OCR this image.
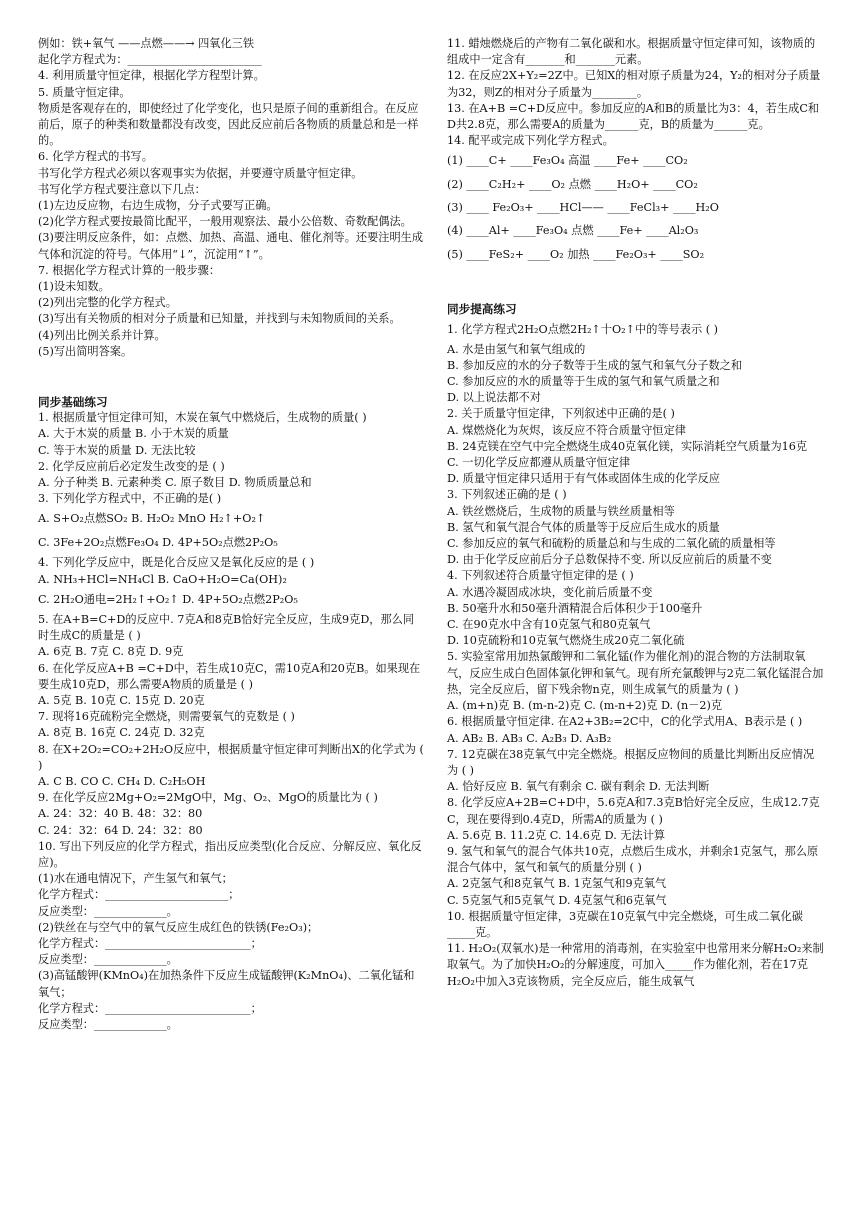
例如：铁+氧气 ——点燃——→ 四氧化三铁
起化学方程式为：________________________
4. 利用质量守恒定律，根据化学方程型计算。
5. 质量守恒定律。
物质是客观存在的，即使经过了化学变化，也只是原子间的重新组合。在反应前后，原子的种类和数量都没有改变，因此反应前后各物质的质量总和是一样的。
6. 化学方程式的书写。
书写化学方程式必须以客观事实为依据，并要遵守质量守恒定律。
书写化学方程式要注意以下几点：
(1)左边反应物，右边生成物，分子式要写正确。
(2)化学方程式要按最简比配平，一般用观察法、最小公倍数、奇数配偶法。
(3)要注明反应条件，如：点燃、加热、高温、通电、催化剂等。还要注明生成气体和沉淀的符号。气体用“↓”，沉淀用“↑”。
7. 根据化学方程式计算的一般步骤：
(1)设未知数。
(2)列出完整的化学方程式。
(3)写出有关物质的相对分子质量和已知量，并找到与未知物质间的关系。
(4)列出比例关系并计算。
(5)写出简明答案。
同步基础练习
1. 根据质量守恒定律可知，木炭在氧气中燃烧后，生成物的质量( )
A. 大于木炭的质量 B. 小于木炭的质量
C. 等于木炭的质量 D. 无法比较
2. 化学反应前后必定发生改变的是 ( )
A. 分子种类 B. 元素种类 C. 原子数目 D. 物质质量总和
3. 下列化学方程式中，不正确的是( )
A. S+O₂点燃SO₂ B. H₂O₂ MnO H₂↑+O₂↑
C. 3Fe+2O₂点燃Fe₃O₄ D. 4P+5O₂点燃2P₂O₅
4. 下列化学反应中，既是化合反应又是氧化反应的是 ( )
A. NH₃+HCl=NH₄Cl B. CaO+H₂O=Ca(OH)₂
C. 2H₂O通电=2H₂↑+O₂↑ D. 4P+5O₂点燃2P₂O₅
5. 在A+B=C+D的反应中. 7克A和8克B恰好完全反应，生成9克D，那么同时生成C的质量是 ( )
A. 6克 B. 7克 C. 8克 D. 9克
6. 在化学反应A+B =C+D中，若生成10克C，需10克A和20克B。如果现在要生成10克D，那么需要A物质的质量是 ( )
A. 5克 B. 10克 C. 15克 D. 20克
7. 现将16克硫粉完全燃烧，则需要氧气的克数是 ( )
A. 8克 B. 16克 C. 24克 D. 32克
8. 在X+2O₂=CO₂+2H₂O反应中，根据质量守恒定律可判断出X的化学式为 ( )
A. C B. CO C. CH₄ D. C₂H₅OH
9. 在化学反应2Mg+O₂=2MgO中，Mg、O₂、MgO的质量比为 ( )
A. 24：32：40 B. 48：32：80
C. 24：32：64 D. 24：32：80
10. 写出下列反应的化学方程式，指出反应类型(化合反应、分解反应、氧化反应)。
(1)水在通电情况下，产生氢气和氧气；
化学方程式：______________________；
反应类型：_____________。
(2)铁丝在与空气中的氧气反应生成红色的铁锈(Fe₂O₃)；
化学方程式：__________________________；
反应类型：_____________。
(3)高锰酸钾(KMnO₄)在加热条件下反应生成锰酸钾(K₂MnO₄)、二氧化锰和氧气；
化学方程式：__________________________；
反应类型：_____________。
11. 蜡烛燃烧后的产物有二氧化碳和水。根据质量守恒定律可知，该物质的组成中一定含有_______和_______元素。
12. 在反应2X+Y₂=2Z中。已知X的相对原子质量为24，Y₂的相对分子质量为32，则Z的相对分子质量为________。
13. 在A+B =C+D反应中。参加反应的A和B的质量比为3：4，若生成C和D共2.8克，那么需要A的质量为______克，B的质量为______克。
14. 配平或完成下列化学方程式。
(1) ____C+ ____Fe₃O₄ 高温 ____Fe+ ____CO₂
(2) ____C₂H₂+ ____O₂ 点燃 ____H₂O+ ____CO₂
(3) ____ Fe₂O₃+ ____HCl—— ____FeCl₃+ ____H₂O
(4) ____Al+ ____Fe₃O₄ 点燃 ____Fe+ ____Al₂O₃
(5) ____FeS₂+ ____O₂ 加热 ____Fe₂O₃+ ____SO₂
同步提高练习
1. 化学方程式2H₂O点燃2H₂↑十O₂↑中的等号表示 ( )
A. 水是由氢气和氧气组成的
B. 参加反应的水的分子数等于生成的氢气和氧气分子数之和
C. 参加反应的水的质量等于生成的氢气和氧气质量之和
D. 以上说法都不对
2. 关于质量守恒定律，下列叙述中正确的是( )
A. 煤燃烧化为灰烬，该反应不符合质量守恒定律
B. 24克镁在空气中完全燃烧生成40克氧化镁，实际消耗空气质量为16克
C. 一切化学反应都遵从质量守恒定律
D. 质量守恒定律只适用于有气体或固体生成的化学反应
3. 下列叙述正确的是 ( )
A. 铁丝燃烧后，生成物的质量与铁丝质量相等
B. 氢气和氧气混合气体的质量等于反应后生成水的质量
C. 参加反应的氧气和硫粉的质量总和与生成的二氧化硫的质量相等
D. 由于化学反应前后分子总数保持不变. 所以反应前后的质量不变
4. 下列叙述符合质量守恒定律的是 ( )
A. 水遇冷凝固成冰块，变化前后质量不变
B. 50毫升水和50毫升酒精混合后体积少于100毫升
C. 在90克水中含有10克氢气和80克氧气
D. 10克硫粉和10克氧气燃烧生成20克二氧化硫
5. 实验室常用加热氯酸钾和二氧化锰(作为催化剂)的混合物的方法制取氧气，反应生成白色固体氯化钾和氧气。现有所充氯酸钾与2克二氧化锰混合加热，完全反应后，留下残余物n克，则生成氧气的质量为 ( )
A. (m+n)克 B. (m-n-2)克 C. (m-n+2)克 D. (n－2)克
6. 根据质量守恒定律. 在A2+3B₂=2C中，C的化学式用A、B表示是 ( )
A. AB₂ B. AB₃ C. A₂B₃ D. A₃B₂
7. 12克碳在38克氧气中完全燃烧。根据反应物间的质量比判断出反应情况为 ( )
A. 恰好反应 B. 氧气有剩余 C. 碳有剩余 D. 无法判断
8. 化学反应A+2B=C+D中，5.6克A和7.3克B恰好完全反应，生成12.7克C，现在要得到0.4克D，所需A的质量为 ( )
A. 5.6克 B. 11.2克 C. 14.6克 D. 无法计算
9. 氢气和氧气的混合气体共10克，点燃后生成水，并剩余1克氢气，那么原混合气体中，氢气和氧气的质量分别 ( )
A. 2克氢气和8克氧气 B. 1克氢气和9克氧气
C. 5克氢气和5克氧气 D. 4克氢气和6克氧气
10. 根据质量守恒定律，3克碳在10克氧气中完全燃烧，可生成二氧化碳_____克。
11. H₂O₂(双氧水)是一种常用的消毒剂，在实验室中也常用来分解H₂O₂来制取氧气。为了加快H₂O₂的分解速度，可加入_____作为催化剂，若在17克H₂O₂中加入3克该物质，完全反应后，能生成氧气
